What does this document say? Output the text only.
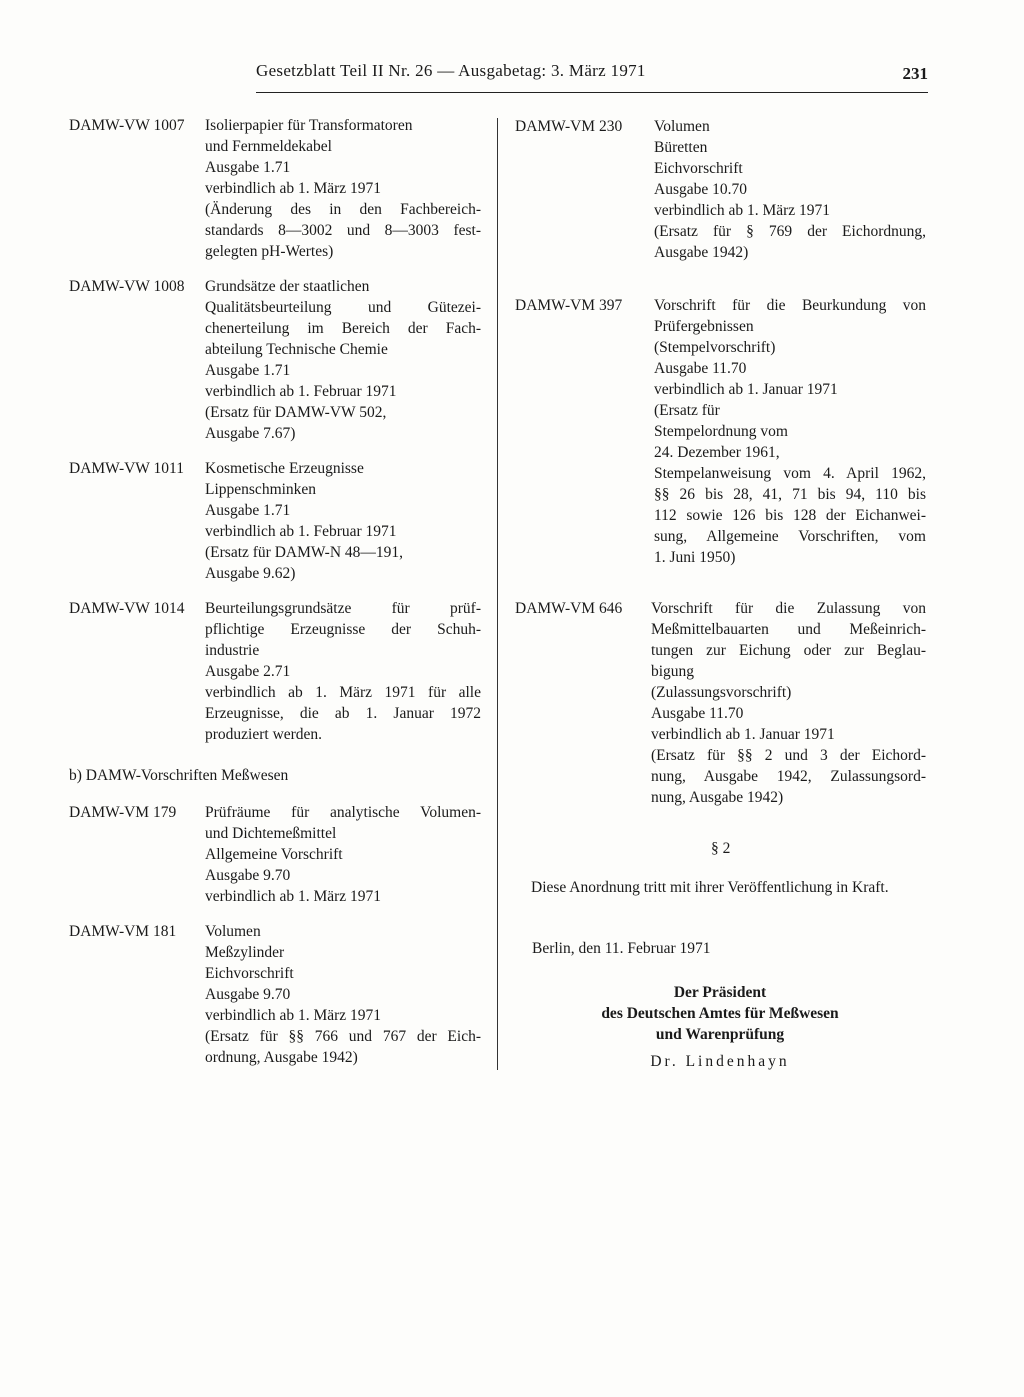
Gesetzblatt Teil II Nr. 26 — Ausgabetag: 3. März 1971	231
DAMW-VW 1007 Isolierpapier für Transformatoren
und Fernmeldekabel
Ausgabe 1.71
verbindlich ab 1. März 1971
(Änderung des in den Fachbereich-
standards 8—3002 und 8—3003 fest-
gelegten pH-Wertes)
DAMW-VW 1008 Grundsätze der staatlichen
Qualitätsbeurteilung und Gütezei-
chenerteilung im Bereich der Fach-
abteilung Technische Chemie
Ausgabe 1.71
verbindlich ab 1. Februar 1971
(Ersatz für DAMW-VW 502,
Ausgabe 7.67)
DAMW-VW 1011 Kosmetische Erzeugnisse
Lippenschminken
Ausgabe 1.71
verbindlich ab 1. Februar 1971
(Ersatz für DAMW-N 48—191,
Ausgabe 9.62)
DAMW-VW 1014 Beurteilungsgrundsätze für prüf-
pflichtige Erzeugnisse der Schuh-
industrie
Ausgabe 2.71
verbindlich ab 1. März 1971 für alle
Erzeugnisse, die ab 1. Januar 1972
produziert werden.
b) DAMW-Vorschriften Meßwesen
DAMW-VM 179 Prüfräume für analytische Volumen-
und Dichtemeßmittel
Allgemeine Vorschrift
Ausgabe 9.70
verbindlich ab 1. März 1971
DAMW-VM 181 Volumen
Meßzylinder
Eichvorschrift
Ausgabe 9.70
verbindlich ab 1. März 1971
(Ersatz für §§ 766 und 767 der Eich-
ordnung, Ausgabe 1942)
DAMW-VM 230 Volumen
Büretten
Eichvorschrift
Ausgabe 10.70
verbindlich ab 1. März 1971
(Ersatz für § 769 der Eichordnung,
Ausgabe 1942)
DAMW-VM 397 Vorschrift für die Beurkundung von
Prüfergebnissen
(Stempelvorschrift)
Ausgabe 11.70
verbindlich ab 1. Januar 1971
(Ersatz für
Stempelordnung vom
24. Dezember 1961,
Stempelanweisung vom 4. April 1962,
§§ 26 bis 28, 41, 71 bis 94, 110 bis
112 sowie 126 bis 128 der Eichanwei-
sung, Allgemeine Vorschriften, vom
1. Juni 1950)
DAMW-VM 646 Vorschrift für die Zulassung von
Meßmittelbauarten und Meßeinrich-
tungen zur Eichung oder zur Beglau-
bigung
(Zulassungsvorschrift)
Ausgabe 11.70
verbindlich ab 1. Januar 1971
(Ersatz für §§ 2 und 3 der Eichord-
nung, Ausgabe 1942, Zulassungsord-
nung, Ausgabe 1942)
§ 2
Diese Anordnung tritt mit ihrer Veröffentlichung in Kraft.
Berlin, den 11. Februar 1971
Der Präsident
des Deutschen Amtes für Meßwesen
und Warenprüfung
Dr. Lindenhayn
